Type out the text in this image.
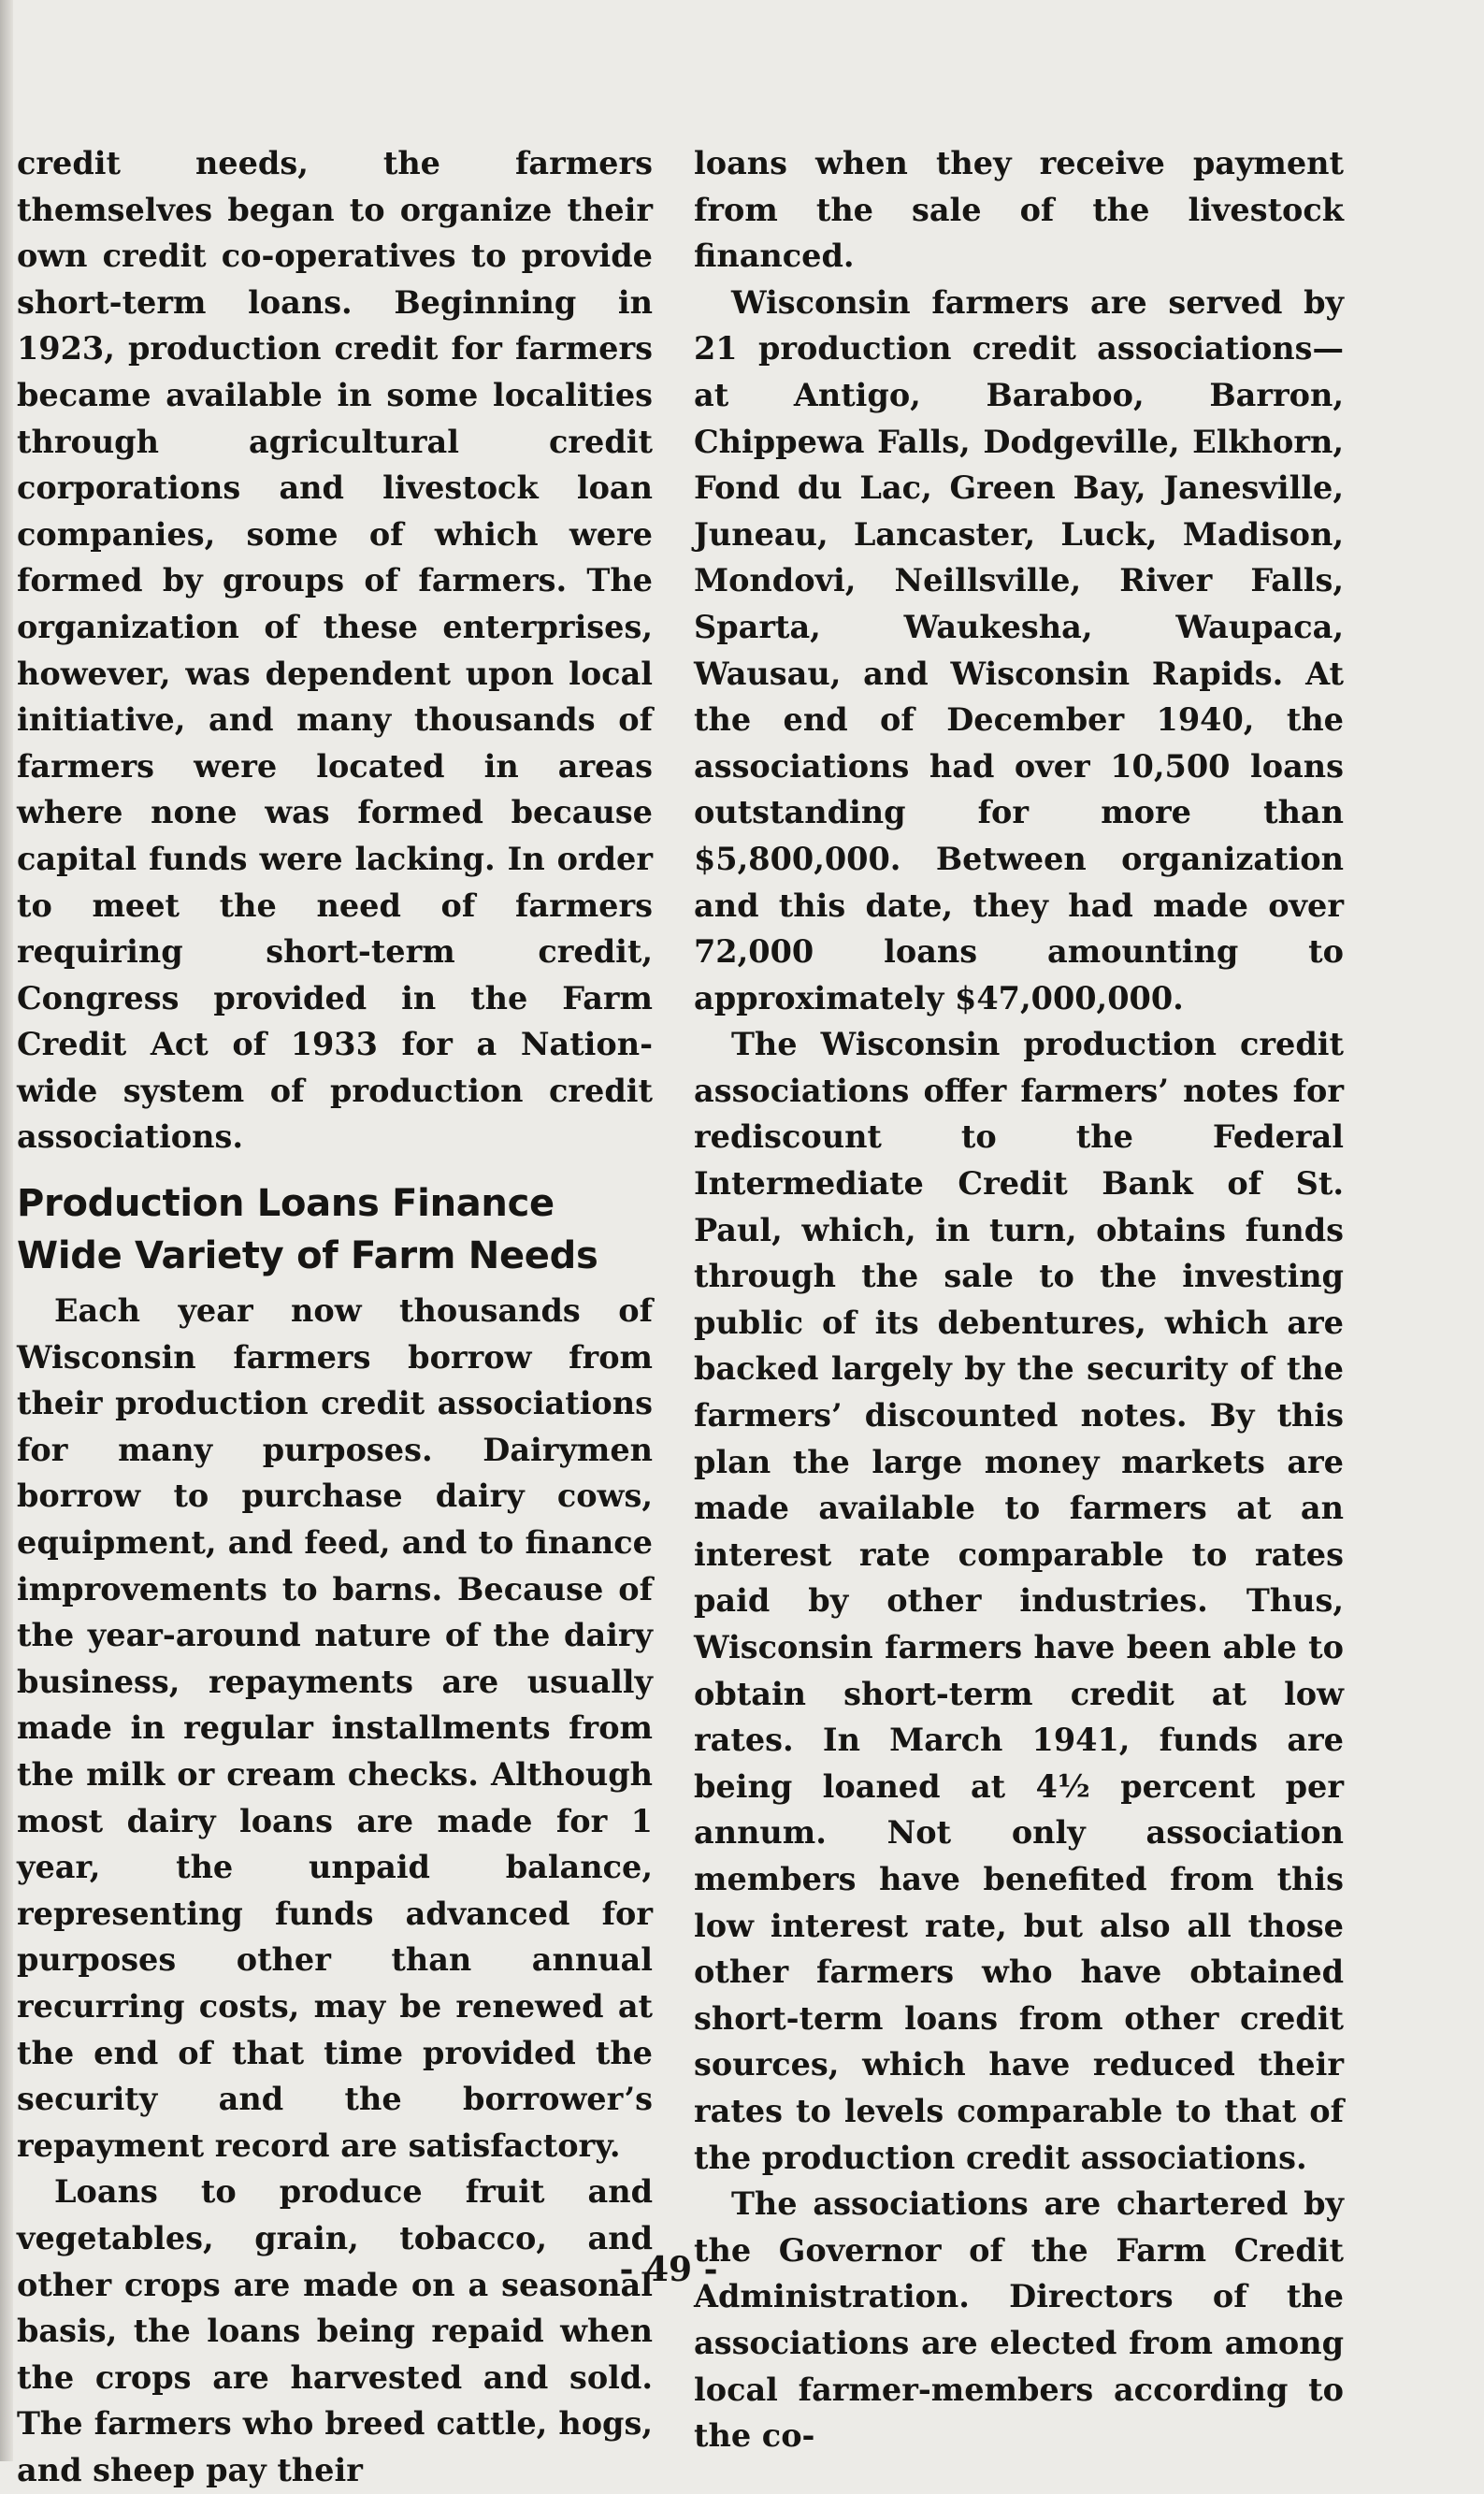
credit needs, the farmers themselves began to organize their own credit co-operatives to provide short-term loans. Beginning in 1923, production credit for farmers became available in some localities through agricultural credit corporations and livestock loan companies, some of which were formed by groups of farmers. The organization of these enterprises, however, was dependent upon local initiative, and many thousands of farmers were located in areas where none was formed because capital funds were lacking. In order to meet the need of farmers requiring short-term credit, Congress provided in the Farm Credit Act of 1933 for a Nation-wide system of production credit associations.

Production Loans Finance
Wide Variety of Farm Needs

Each year now thousands of Wisconsin farmers borrow from their production credit associations for many purposes. Dairymen borrow to purchase dairy cows, equipment, and feed, and to finance improvements to barns. Because of the year-around nature of the dairy business, repayments are usually made in regular installments from the milk or cream checks. Although most dairy loans are made for 1 year, the unpaid balance, representing funds advanced for purposes other than annual recurring costs, may be renewed at the end of that time provided the security and the borrower’s repayment record are satisfactory.

Loans to produce fruit and vegetables, grain, tobacco, and other crops are made on a seasonal basis, the loans being repaid when the crops are harvested and sold. The farmers who breed cattle, hogs, and sheep pay their

loans when they receive payment from the sale of the livestock financed.

Wisconsin farmers are served by 21 production credit associations—at Antigo, Baraboo, Barron, Chippewa Falls, Dodgeville, Elkhorn, Fond du Lac, Green Bay, Janesville, Juneau, Lancaster, Luck, Madison, Mondovi, Neillsville, River Falls, Sparta, Waukesha, Waupaca, Wausau, and Wisconsin Rapids. At the end of December 1940, the associations had over 10,500 loans outstanding for more than $5,800,000. Between organization and this date, they had made over 72,000 loans amounting to approximately $47,000,000.

The Wisconsin production credit associations offer farmers’ notes for rediscount to the Federal Intermediate Credit Bank of St. Paul, which, in turn, obtains funds through the sale to the investing public of its debentures, which are backed largely by the security of the farmers’ discounted notes. By this plan the large money markets are made available to farmers at an interest rate comparable to rates paid by other industries. Thus, Wisconsin farmers have been able to obtain short-term credit at low rates. In March 1941, funds are being loaned at 4½ percent per annum. Not only association members have benefited from this low interest rate, but also all those other farmers who have obtained short-term loans from other credit sources, which have reduced their rates to levels comparable to that of the production credit associations.

The associations are chartered by the Governor of the Farm Credit Administration. Directors of the associations are elected from among local farmer-members according to the co-

- 49 -
